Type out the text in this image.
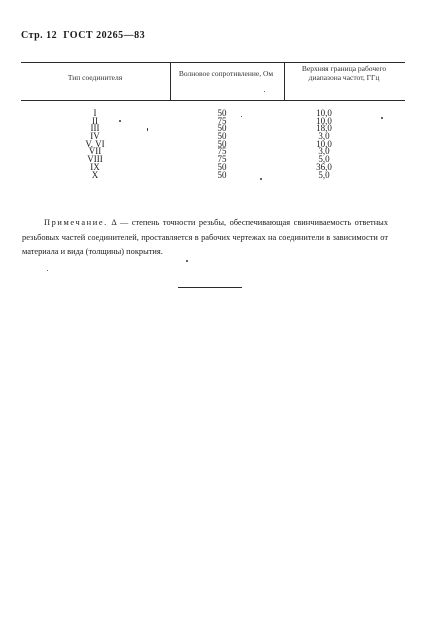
Стр. 12 ГОСТ 20265—83
Тип соединителя	Волновое сопротивление, Ом
Верхняя граница рабочего диапазона частот, ГГц
I
II
III
IV
V, VI
VII
VIII
IX
X
50
75
50
50
50
75
75
50
50
10,0
10,0
18,0
3,0
10,0
3,0
5,0
36,0
5,0
Примечание. Δ — степень точности резьбы, обеспечивающая свинчиваемость ответных резьбовых частей соединителей, проставляется в рабочих чертежах на соединители в зависимости от материала и вида (толщины) покрытия.
